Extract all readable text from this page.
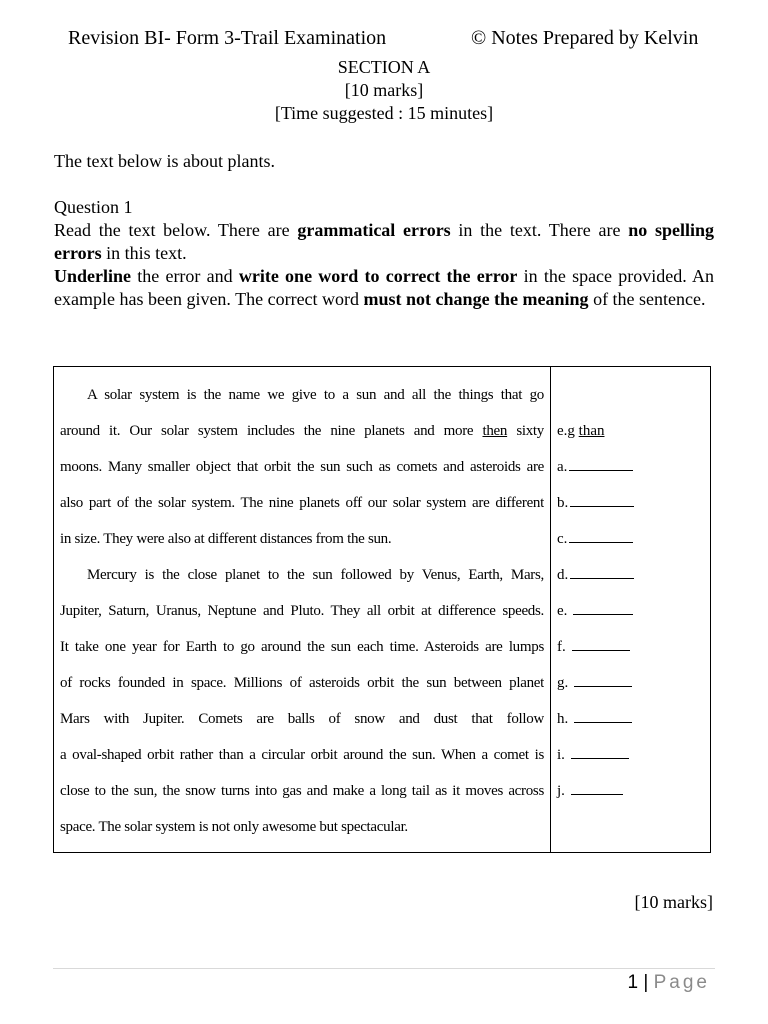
Revision BI- Form 3-Trail Examination	© Notes Prepared by Kelvin
SECTION A
[10 marks]
[Time suggested : 15 minutes]
The text below is about plants.

Question 1

Read the text below. There are grammatical errors in the text. There are no spelling errors in this text.

Underline the error and write one word to correct the error in the space provided. An example has been given. The correct word must not change the meaning of the sentence.

A solar system is the name we give to a sun and all the things that go
around it. Our solar system includes the nine planets and more then sixty
moons. Many smaller object that orbit the sun such as comets and asteroids are
also part of the solar system. The nine planets off our solar system are different
in size. They were also at different distances from the sun.
Mercury is the close planet to the sun followed by Venus, Earth, Mars,
Jupiter, Saturn, Uranus, Neptune and Pluto. They all orbit at difference speeds.
It take one year for Earth to go around the sun each time. Asteroids are lumps
of rocks founded in space. Millions of asteroids orbit the sun between planet
Mars with Jupiter. Comets are balls of snow and dust that follow
a oval-shaped orbit rather than a circular orbit around the sun. When a comet is
close to the sun, the snow turns into gas and make a long tail as it moves across
space. The solar system is not only awesome but spectacular.
e.g than
a.
b.
c.
d.
e.
f.
g.
h.
i.
j.
[10 marks]
1 | Page
